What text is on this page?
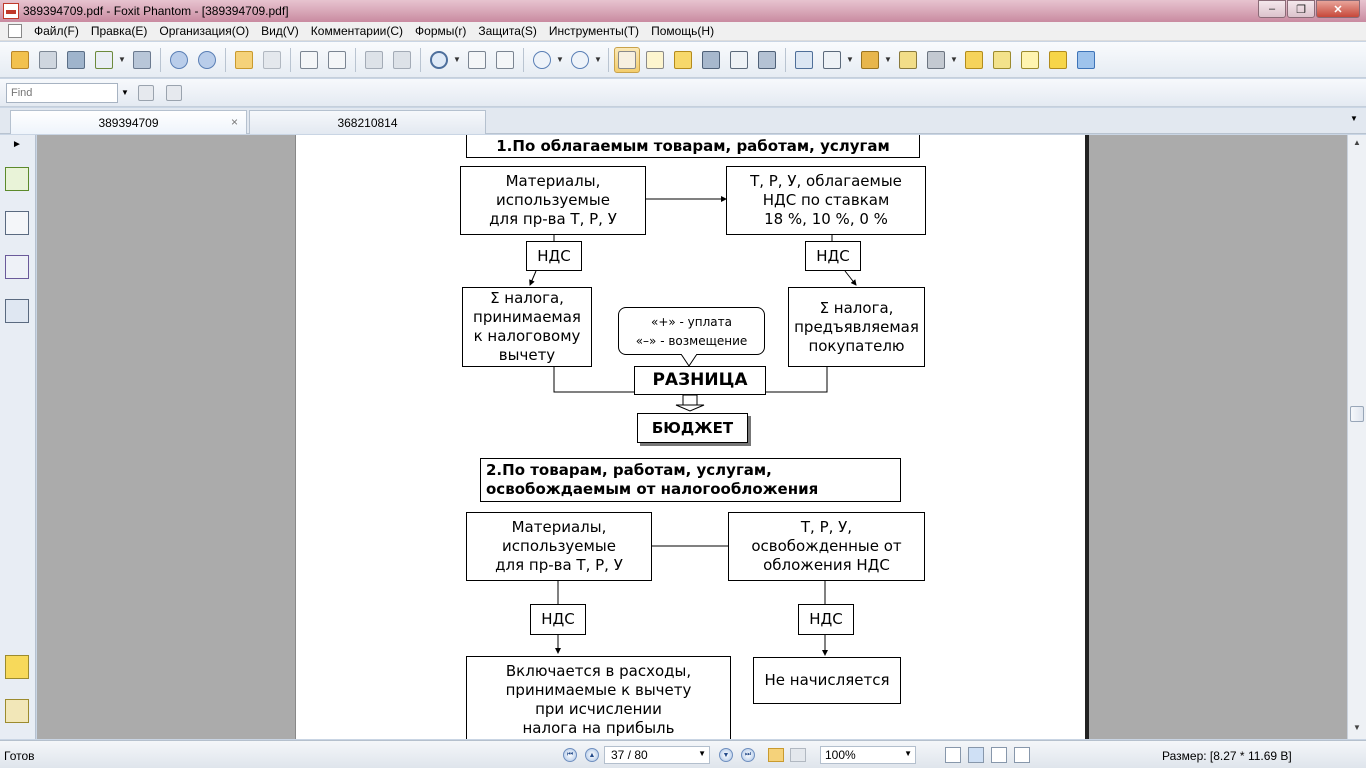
389394709.pdf - Foxit Phantom - [389394709.pdf]	–	❐	✕
Файл(F)	Правка(E)	Организация(O)	Вид(V)	Комментарии(C)	Формы(r)	Защита(S)	Инструменты(T)	Помощь(H)
▼	▼	▼	▼	▼	▼	▼
Find
▼
389394709	×	368210814	▼
►	1.По облагаемым товарам, работам, услугам
Материалы,
используемые
для пр-ва Т, Р, У
Т, Р, У, облагаемые
НДС по ставкам
18 %, 10 %, 0 %
НДС	НДС
Σ налога,
принимаемая
к налоговому
вычету
Σ налога,
предъявляемая
покупателю
«+» - уплата
«–» - возмещение
РАЗНИЦА
БЮДЖЕТ
2.По товарам, работам, услугам,
освобождаемым от налогообложения
Материалы,
используемые
для пр-ва Т, Р, У
Т, Р, У,
освобожденные от
обложения НДС
НДС	НДС
Включается в расходы,
принимаемые к вычету
при исчислении
налога на прибыль
Не начисляется
▲
▼
Готов	⏮	▲	37 / 80	▼	▼	⏭	100%	▼	Размер: [8.27 * 11.69 В]
